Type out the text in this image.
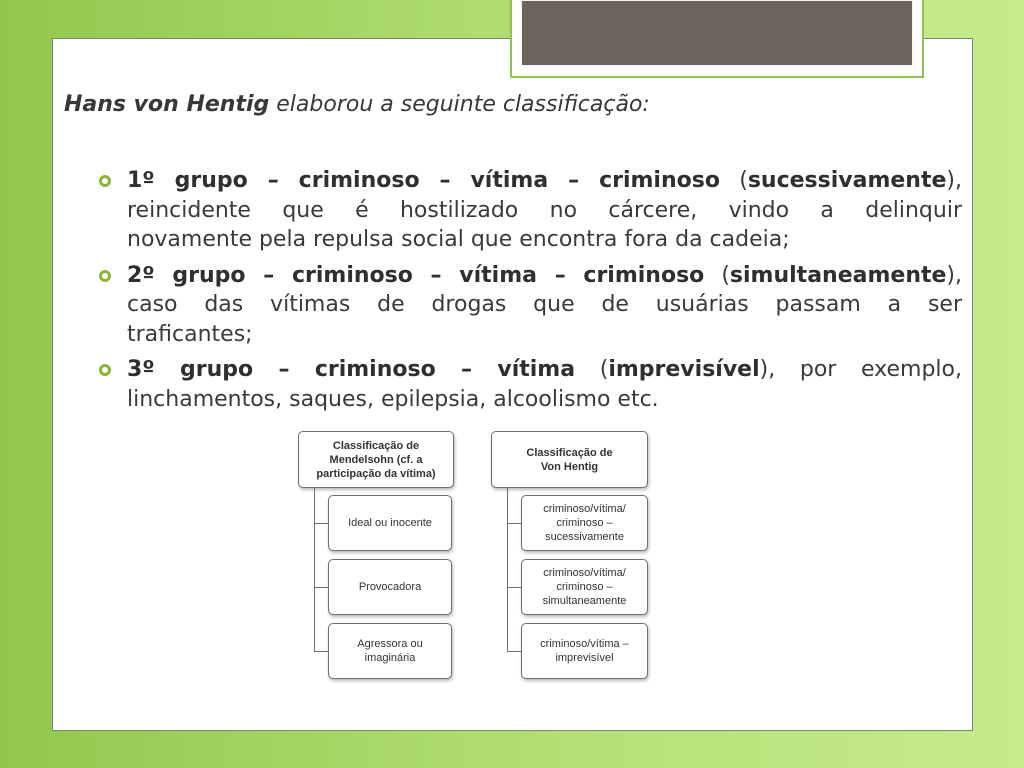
Hans von Hentig elaborou a seguinte classificação:
1º grupo – criminoso – vítima – criminoso (sucessivamente),
reincidente que é hostilizado no cárcere, vindo a delinquir
novamente pela repulsa social que encontra fora da cadeia;
2º grupo – criminoso – vítima – criminoso (simultaneamente),
caso das vítimas de drogas que de usuárias passam a ser
traficantes;
3º grupo – criminoso – vítima (imprevisível), por exemplo,
linchamentos, saques, epilepsia, alcoolismo etc.
Classificação de
Mendelsohn (cf. a
participação da vítima)
Ideal ou inocente
Provocadora
Agressora ou
imaginária
Classificação de
Von Hentig
criminoso/vítima/
criminoso –
sucessivamente
criminoso/vítima/
criminoso –
simultaneamente
criminoso/vítima –
imprevisível
